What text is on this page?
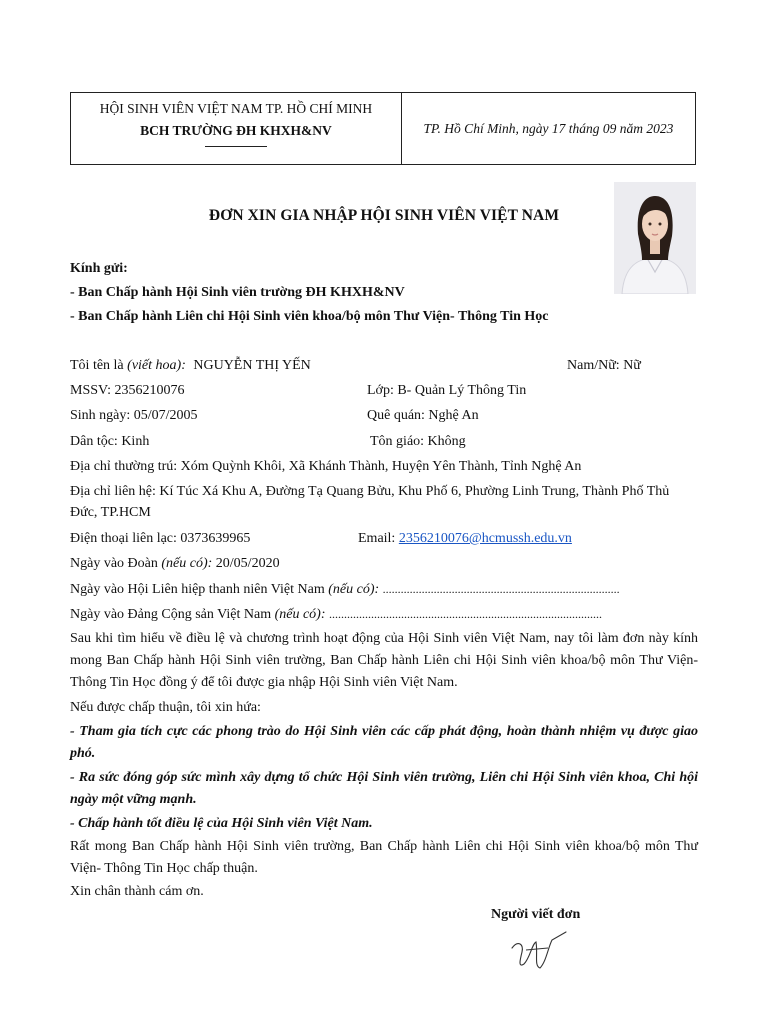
HỘI SINH VIÊN VIỆT NAM TP. HỒ CHÍ MINH
BCH TRƯỜNG ĐH KHXH&NV	TP. Hồ Chí Minh, ngày 17 tháng 09 năm 2023
ĐƠN XIN GIA NHẬP HỘI SINH VIÊN VIỆT NAM
Kính gửi:
- Ban Chấp hành Hội Sinh viên trường ĐH KHXH&NV
- Ban Chấp hành Liên chi Hội Sinh viên khoa/bộ môn Thư Viện- Thông Tin Học
Tôi tên là (viết hoa): NGUYỄN THỊ YẾN	Nam/Nữ: Nữ
MSSV: 2356210076	Lớp: B- Quản Lý Thông Tin
Sinh ngày: 05/07/2005	Quê quán: Nghệ An
Dân tộc: Kinh	Tôn giáo: Không
Địa chỉ thường trú: Xóm Quỳnh Khôi, Xã Khánh Thành, Huyện Yên Thành, Tỉnh Nghệ An
Địa chỉ liên hệ: Kí Túc Xá Khu A, Đường Tạ Quang Bửu, Khu Phố 6, Phường Linh Trung, Thành Phố Thủ Đức, TP.HCM
Điện thoại liên lạc: 0373639965	Email: 2356210076@hcmussh.edu.vn
Ngày vào Đoàn (nếu có): 20/05/2020
Ngày vào Hội Liên hiệp thanh niên Việt Nam (nếu có): ...............................................................................
Ngày vào Đảng Cộng sản Việt Nam (nếu có): ...........................................................................................
Sau khi tìm hiểu về điều lệ và chương trình hoạt động của Hội Sinh viên Việt Nam, nay tôi làm đơn này kính mong Ban Chấp hành Hội Sinh viên trường, Ban Chấp hành Liên chi Hội Sinh viên khoa/bộ môn Thư Viện- Thông Tin Học đồng ý để tôi được gia nhập Hội Sinh viên Việt Nam.
Nếu được chấp thuận, tôi xin hứa:
- Tham gia tích cực các phong trào do Hội Sinh viên các cấp phát động, hoàn thành nhiệm vụ được giao phó.
- Ra sức đóng góp sức mình xây dựng tổ chức Hội Sinh viên trường, Liên chi Hội Sinh viên khoa, Chi hội ngày một vững mạnh.
- Chấp hành tốt điều lệ của Hội Sinh viên Việt Nam.
Rất mong Ban Chấp hành Hội Sinh viên trường, Ban Chấp hành Liên chi Hội Sinh viên khoa/bộ môn Thư Viện- Thông Tin Học chấp thuận.
Xin chân thành cám ơn.
Người viết đơn
